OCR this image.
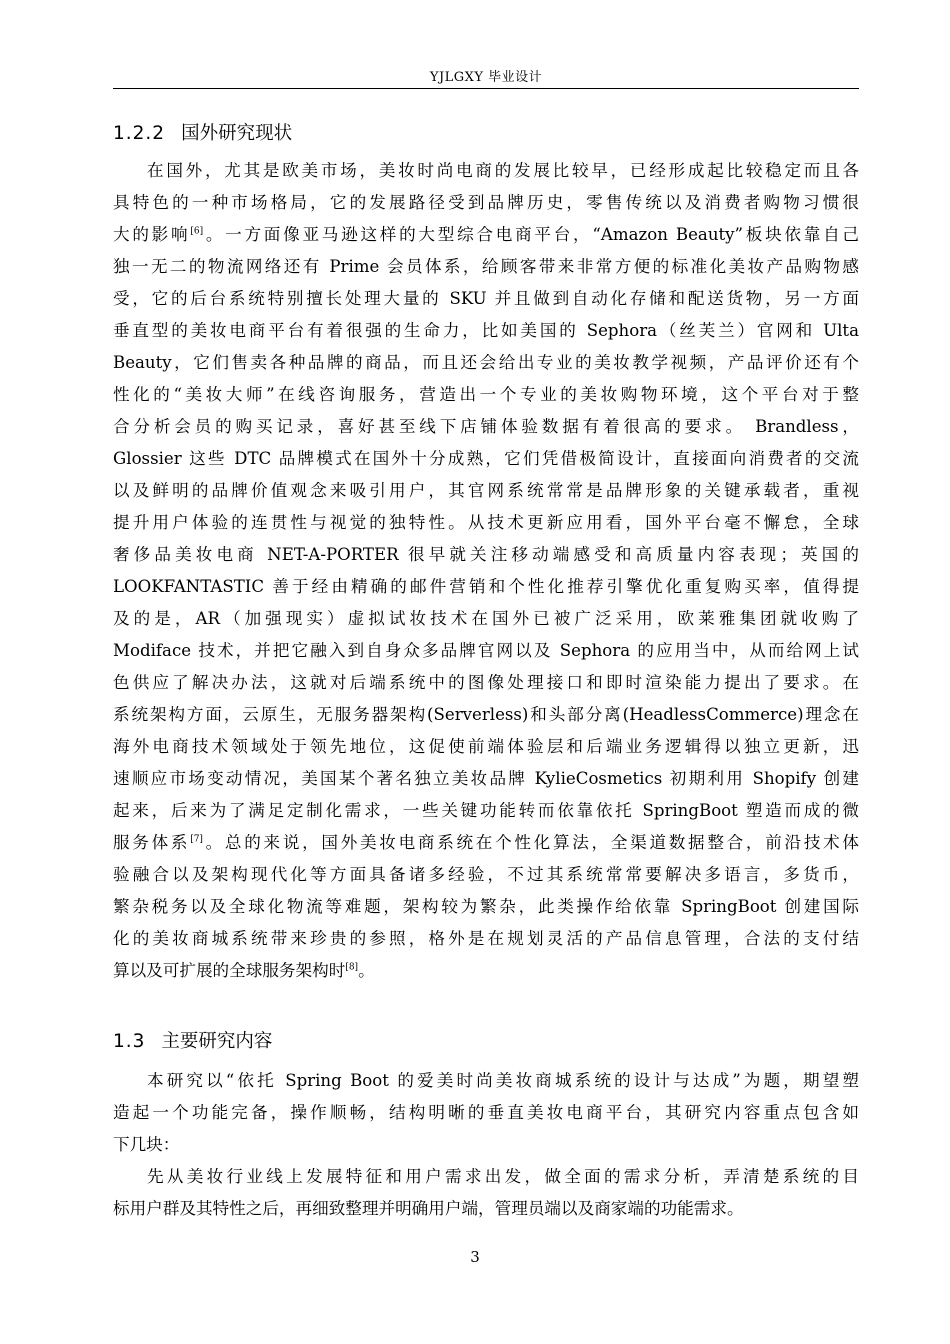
YJLGXY 毕业设计
1.2.2 国外研究现状
在国外，尤其是欧美市场，美妆时尚电商的发展比较早，已经形成起比较稳定而且各
具特色的一种市场格局，它的发展路径受到品牌历史，零售传统以及消费者购物习惯很
大的影响[6]。一方面像亚马逊这样的大型综合电商平台，“Amazon Beauty”板块依靠自己
独一无二的物流网络还有 Prime 会员体系，给顾客带来非常方便的标准化美妆产品购物感
受，它的后台系统特别擅长处理大量的 SKU 并且做到自动化存储和配送货物，另一方面
垂直型的美妆电商平台有着很强的生命力，比如美国的 Sephora（丝芙兰）官网和 Ulta
Beauty，它们售卖各种品牌的商品，而且还会给出专业的美妆教学视频，产品评价还有个
性化的“美妆大师”在线咨询服务，营造出一个专业的美妆购物环境，这个平台对于整
合分析会员的购买记录，喜好甚至线下店铺体验数据有着很高的要求。 Brandless，
Glossier 这些 DTC 品牌模式在国外十分成熟，它们凭借极简设计，直接面向消费者的交流
以及鲜明的品牌价值观念来吸引用户，其官网系统常常是品牌形象的关键承载者，重视
提升用户体验的连贯性与视觉的独特性。从技术更新应用看，国外平台毫不懈怠，全球
奢侈品美妆电商 NET-A-PORTER 很早就关注移动端感受和高质量内容表现；英国的
LOOKFANTASTIC 善于经由精确的邮件营销和个性化推荐引擎优化重复购买率，值得提
及的是，AR（加强现实）虚拟试妆技术在国外已被广泛采用，欧莱雅集团就收购了
Modiface 技术，并把它融入到自身众多品牌官网以及 Sephora 的应用当中，从而给网上试
色供应了解决办法，这就对后端系统中的图像处理接口和即时渲染能力提出了要求。在
系统架构方面，云原生，无服务器架构(Serverless)和头部分离(HeadlessCommerce)理念在
海外电商技术领域处于领先地位，这促使前端体验层和后端业务逻辑得以独立更新，迅
速顺应市场变动情况，美国某个著名独立美妆品牌 KylieCosmetics 初期利用 Shopify 创建
起来，后来为了满足定制化需求，一些关键功能转而依靠依托 SpringBoot 塑造而成的微
服务体系[7]。总的来说，国外美妆电商系统在个性化算法，全渠道数据整合，前沿技术体
验融合以及架构现代化等方面具备诸多经验，不过其系统常常要解决多语言，多货币，
繁杂税务以及全球化物流等难题，架构较为繁杂，此类操作给依靠 SpringBoot 创建国际
化的美妆商城系统带来珍贵的参照，格外是在规划灵活的产品信息管理，合法的支付结
算以及可扩展的全球服务架构时[8]。
1.3 主要研究内容
本研究以“依托 Spring Boot 的爱美时尚美妆商城系统的设计与达成”为题，期望塑
造起一个功能完备，操作顺畅，结构明晰的垂直美妆电商平台，其研究内容重点包含如
下几块：
先从美妆行业线上发展特征和用户需求出发，做全面的需求分析，弄清楚系统的目
标用户群及其特性之后，再细致整理并明确用户端，管理员端以及商家端的功能需求。
3
